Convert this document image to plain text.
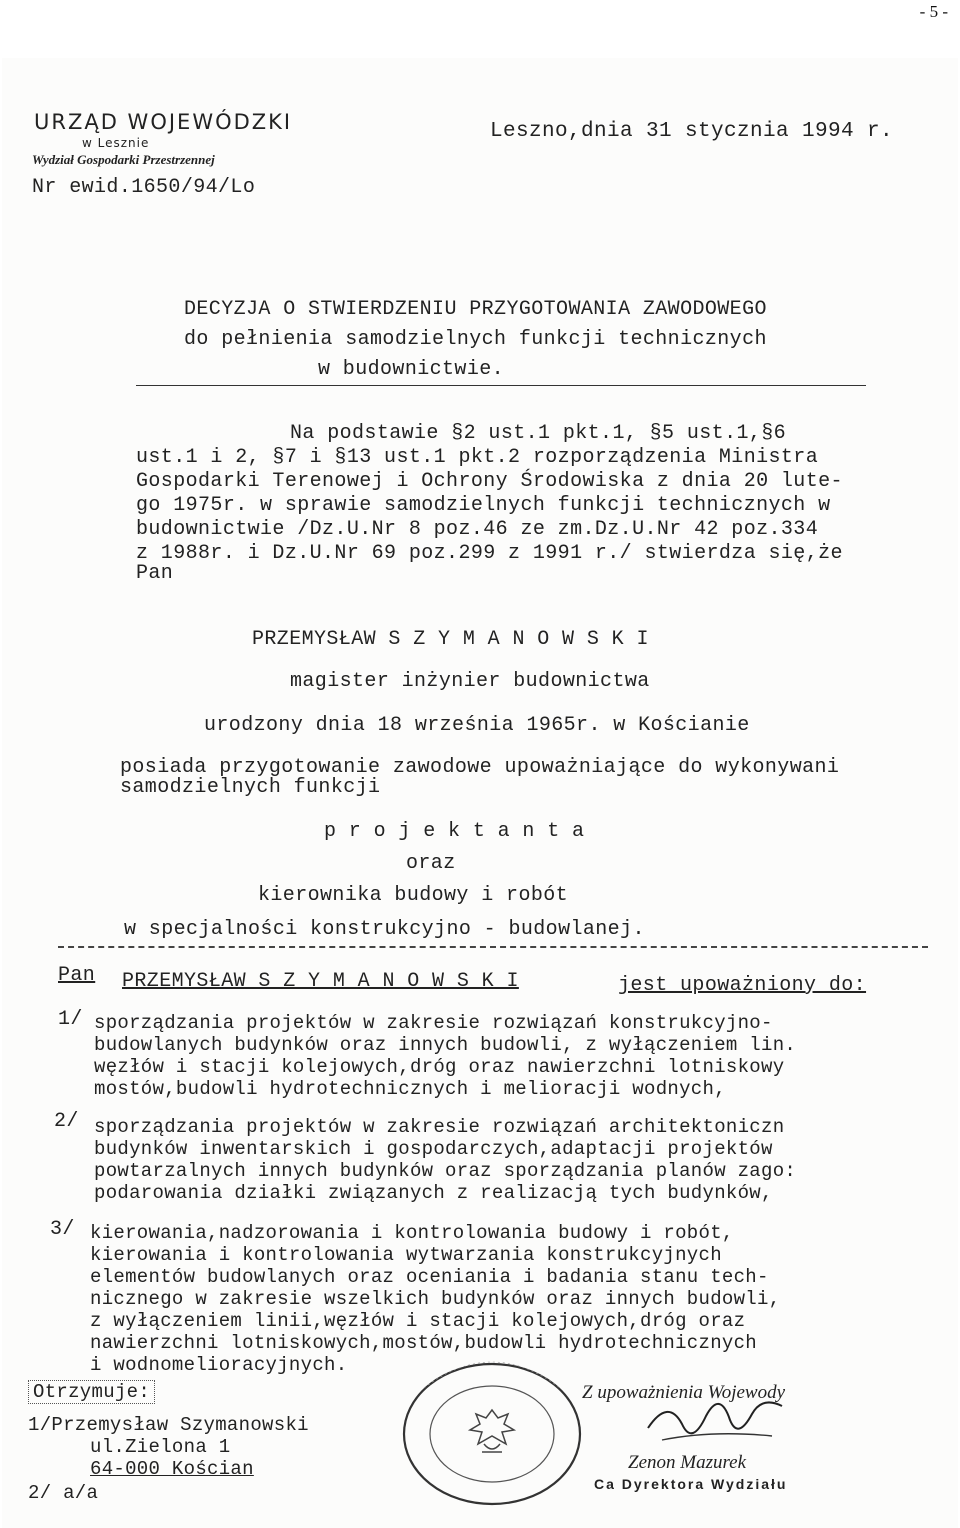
- 5 -
URZĄD WOJEWÓDZKI
w Lesznie
Wydział Gospodarki Przestrzennej
Nr ewid.1650/94/Lo
Leszno,dnia 31 stycznia 1994 r.
DECYZJA O STWIERDZENIU PRZYGOTOWANIA ZAWODOWEGO
do pełnienia samodzielnych funkcji technicznych
w budownictwie.
Na podstawie §2 ust.1 pkt.1, §5 ust.1,§6
ust.1 i 2, §7 i §13 ust.1 pkt.2 rozporządzenia Ministra
Gospodarki Terenowej i Ochrony Środowiska z dnia 20 lute-
go 1975r. w sprawie samodzielnych funkcji technicznych w
budownictwie /Dz.U.Nr 8 poz.46 ze zm.Dz.U.Nr 42 poz.334
z 1988r. i Dz.U.Nr 69 poz.299 z 1991 r./ stwierdza się,że
Pan
PRZEMYSŁAW S Z Y M A N O W S K I
magister inżynier budownictwa
urodzony dnia 18 września 1965r. w Kościanie
posiada przygotowanie zawodowe upoważniające do wykonywani
samodzielnych funkcji
p r o j e k t a n t a
oraz
kierownika budowy i robót
w specjalności konstrukcyjno - budowlanej.
Pan PRZEMYSŁAW S Z Y M A N O W S K I	jest upoważniony do:
1/ sporządzania projektów w zakresie rozwiązań konstrukcyjno-
budowlanych budynków oraz innych budowli, z wyłączeniem lin.
węzłów i stacji kolejowych,dróg oraz nawierzchni lotniskowy
mostów,budowli hydrotechnicznych i melioracji wodnych,
2/ sporządzania projektów w zakresie rozwiązań architektoniczn
budynków inwentarskich i gospodarczych,adaptacji projektów
powtarzalnych innych budynków oraz sporządzania planów zago:
podarowania działki związanych z realizacją tych budynków,
3/ kierowania,nadzorowania i kontrolowania budowy i robót,
kierowania i kontrolowania wytwarzania konstrukcyjnych
elementów budowlanych oraz oceniania i badania stanu tech-
nicznego w zakresie wszelkich budynków oraz innych budowli,
z wyłączeniem linii,węzłów i stacji kolejowych,dróg oraz
nawierzchni lotniskowych,mostów,budowli hydrotechnicznych
i wodnomelioracyjnych.
Otrzymuje:
1/Przemysław Szymanowski
ul.Zielona 1
64-000 Kościan
2/ a/a
Z upoważnienia Wojewody
Zenon Mazurek
Ca Dyrektora Wydziału
